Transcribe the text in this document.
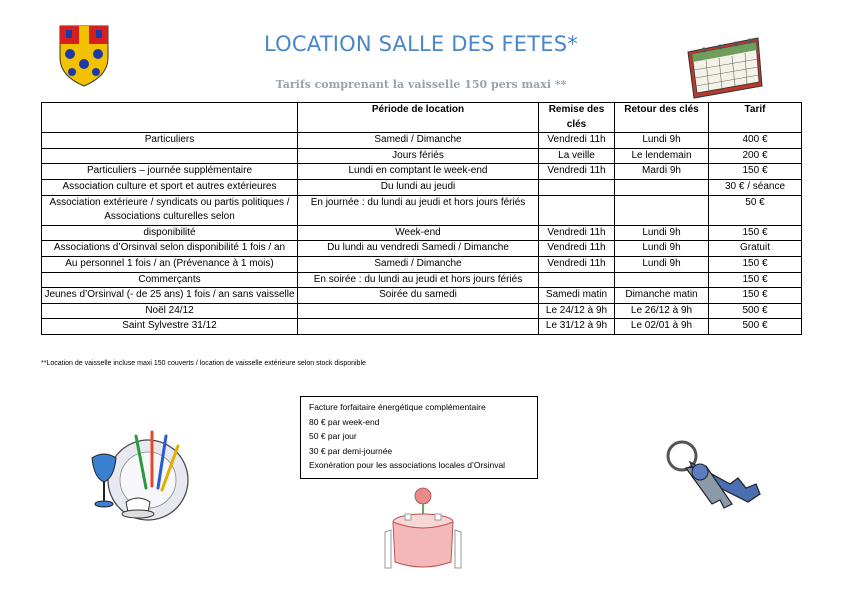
LOCATION SALLE DES FETES*
Tarifs comprenant la vaisselle 150 pers maxi **
	Période de location	Remise des clés	Retour des clés	Tarif
Particuliers	Samedi / Dimanche	Vendredi 11h	Lundi 9h	400 €
	Jours fériés	La veille	Le lendemain	200 €
Particuliers – journée supplémentaire	Lundi en comptant le week-end	Vendredi 11h	Mardi 9h	150 €
Association culture et sport et autres extérieures	Du lundi au jeudi			30 € / séance
Association extérieure / syndicats ou partis politiques / Associations culturelles selon	En journée : du lundi au jeudi et hors jours fériés			50 €
disponibilité	Week-end	Vendredi 11h	Lundi 9h	150 €
Associations d’Orsinval selon disponibilité 1 fois / an	Du lundi au vendredi Samedi / Dimanche	Vendredi 11h	Lundi 9h	Gratuit
Au personnel 1 fois / an (Prévenance à 1 mois)	Samedi / Dimanche	Vendredi 11h	Lundi 9h	150 €
Commerçants	En soirée : du lundi au jeudi et hors jours fériés			150 €
Jeunes d’Orsinval (- de 25 ans) 1 fois / an sans vaisselle	Soirée du samedi	Samedi matin	Dimanche matin	150 €
Noël 24/12		Le 24/12 à 9h	Le 26/12 à 9h	500 €
Saint Sylvestre 31/12		Le 31/12 à 9h	Le 02/01 à 9h	500 €
**Location de vaisselle incluse maxi 150 couverts / location de vaisselle extérieure selon stock disponible
Facture forfaitaire énergétique complémentaire
80 € par week-end
50 € par jour
30 € par demi-journée
Exonération pour les associations locales d’Orsinval
